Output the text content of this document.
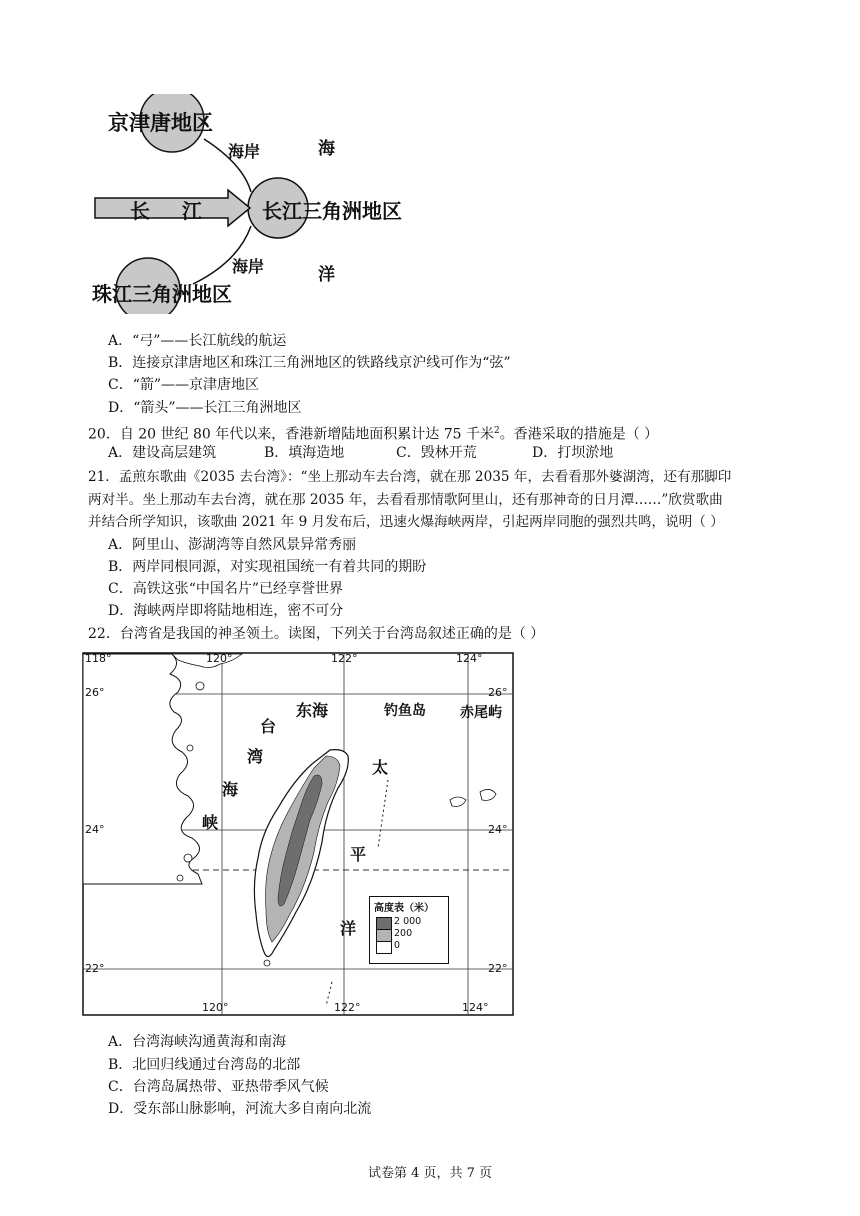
京津唐地区
长江三角洲地区
珠江三角洲地区
长 江
海岸
海岸
海
洋
A．“弓”——长江航线的航运
B．连接京津唐地区和珠江三角洲地区的铁路线京沪线可作为“弦”
C．“箭”——京津唐地区
D．“箭头”——长江三角洲地区
20．自 20 世纪 80 年代以来，香港新增陆地面积累计达 75 千米$^2$。香港采取的措施是（ ）
A．建设高层建筑	B．填海造地	C．毁林开荒	D．打坝淤地
21．孟煎东歌曲《2035 去台湾》：“坐上那动车去台湾，就在那 2035 年，去看看那外婆湖湾，还有那脚印
两对半。坐上那动车去台湾，就在那 2035 年，去看看那情歌阿里山，还有那神奇的日月潭……”欣赏歌曲
并结合所学知识，该歌曲 2021 年 9 月发布后，迅速火爆海峡两岸，引起两岸同胞的强烈共鸣，说明（ ）
A．阿里山、澎湖湾等自然风景异常秀丽
B．两岸同根同源，对实现祖国统一有着共同的期盼
C．高铁这张“中国名片”已经享誉世界
D．海峡两岸即将陆地相连，密不可分
22．台湾省是我国的神圣领土。读图，下列关于台湾岛叙述正确的是（ ）
118°	120°	122°	124°
120°	122°	124°
26°	26°
24°	24°
22°	22°
东海	钓鱼岛 赤尾屿
台
湾
海
峡
太
平
洋
高度表（米）
2 000
200
0
A．台湾海峡沟通黄海和南海
B．北回归线通过台湾岛的北部
C．台湾岛属热带、亚热带季风气候
D．受东部山脉影响，河流大多自南向北流
试卷第 4 页，共 7 页
